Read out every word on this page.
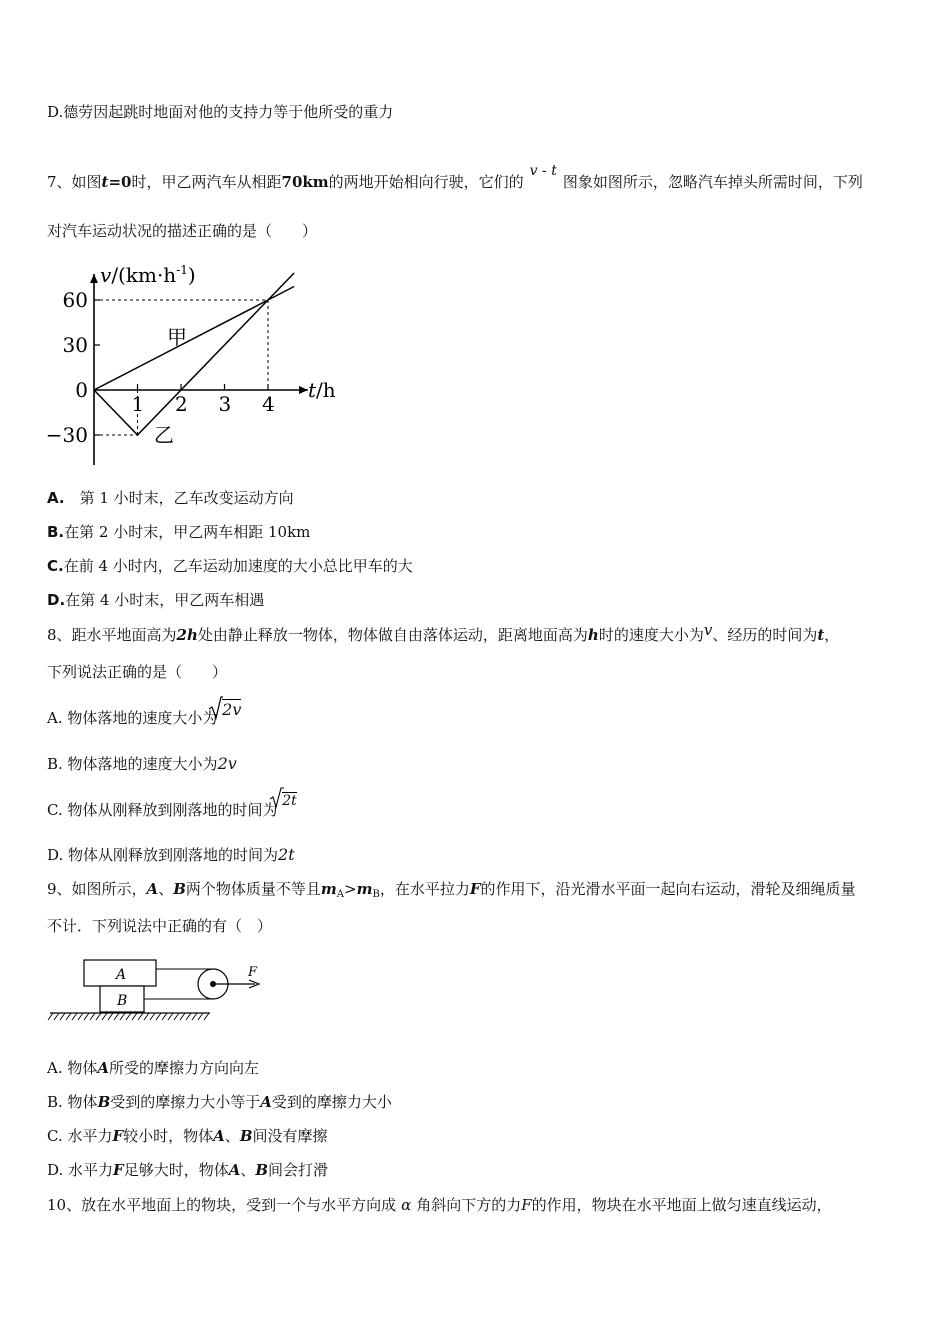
D.德劳因起跳时地面对他的支持力等于他所受的重力
7、如图t=0时，甲乙两汽车从相距70km的两地开始相向行驶，它们的v - t图象如图所示，忽略汽车掉头所需时间，下列
对汽车运动状况的描述正确的是（　　）
1 2 3 4
60
30
0
−30
$v/(km\cdot h^{-1})$
t/h
甲
乙
A.　第 1 小时末，乙车改变运动方向
B.在第 2 小时末，甲乙两车相距 10km
C.在前 4 小时内，乙车运动加速度的大小总比甲车的大
D.在第 4 小时末，甲乙两车相遇
8、距水平地面高为2h处由静止释放一物体，物体做自由落体运动，距离地面高为h时的速度大小为v、经历的时间为t，
下列说法正确的是（　　）
A. 物体落地的速度大小为 2v
B. 物体落地的速度大小为2v
C. 物体从刚释放到刚落地的时间为 2t
D. 物体从刚释放到刚落地的时间为2t
9、如图所示，A、B两个物体质量不等且$m_A>m_B$，在水平拉力F的作用下，沿光滑水平面一起向右运动，滑轮及细绳质量
不计．下列说法中正确的有（　）
A
B
F
A. 物体A所受的摩擦力方向向左
B. 物体B受到的摩擦力大小等于A受到的摩擦力大小
C. 水平力F较小时，物体A、B间没有摩擦
D. 水平力F足够大时，物体A、B间会打滑
10、放在水平地面上的物块，受到一个与水平方向成 α 角斜向下方的力F的作用，物块在水平地面上做匀速直线运动，
